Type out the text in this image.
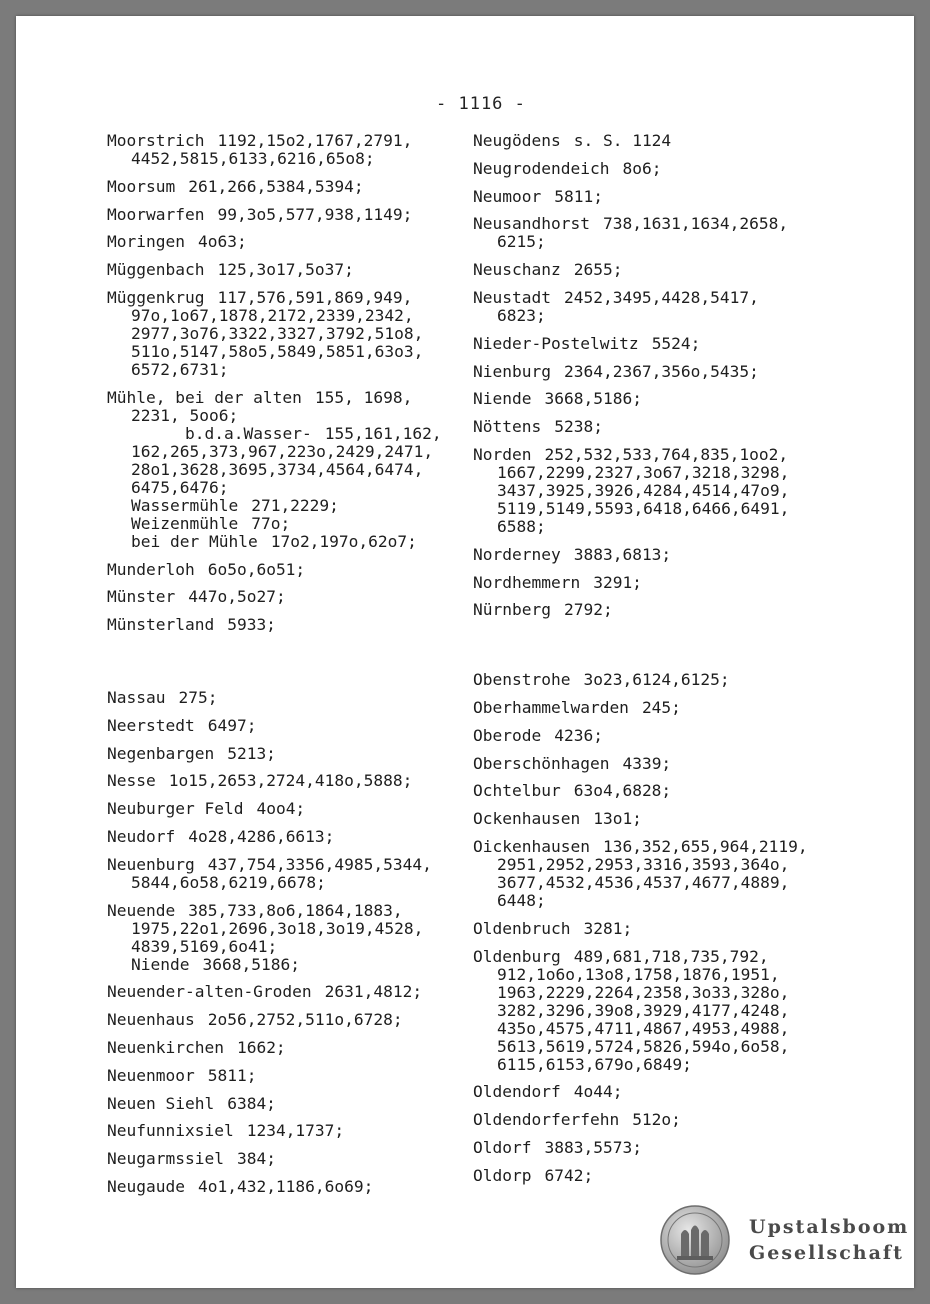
- 1116 -
Moorstrich 1192,15o2,1767,2791,
4452,5815,6133,6216,65o8;
Moorsum 261,266,5384,5394;
Moorwarfen 99,3o5,577,938,1149;
Moringen 4o63;
Müggenbach 125,3o17,5o37;
Müggenkrug 117,576,591,869,949,
97o,1o67,1878,2172,2339,2342,
2977,3o76,3322,3327,3792,51o8,
511o,5147,58o5,5849,5851,63o3,
6572,6731;
Mühle, bei der alten 155, 1698,
2231, 5oo6;
b.d.a.Wasser- 155,161,162,
162,265,373,967,223o,2429,2471,
28o1,3628,3695,3734,4564,6474,
6475,6476;
Wassermühle 271,2229;
Weizenmühle 77o;
bei der Mühle 17o2,197o,62o7;
Munderloh 6o5o,6o51;
Münster 447o,5o27;
Münsterland 5933;
Nassau 275;
Neerstedt 6497;
Negenbargen 5213;
Nesse 1o15,2653,2724,418o,5888;
Neuburger Feld 4oo4;
Neudorf 4o28,4286,6613;
Neuenburg 437,754,3356,4985,5344,
5844,6o58,6219,6678;
Neuende 385,733,8o6,1864,1883,
1975,22o1,2696,3o18,3o19,4528,
4839,5169,6o41;
Niende 3668,5186;
Neuender-alten-Groden 2631,4812;
Neuenhaus 2o56,2752,511o,6728;
Neuenkirchen 1662;
Neuenmoor 5811;
Neuen Siehl 6384;
Neufunnixsiel 1234,1737;
Neugarmssiel 384;
Neugaude 4o1,432,1186,6o69;
Neugödens s. S. 1124
Neugrodendeich 8o6;
Neumoor 5811;
Neusandhorst 738,1631,1634,2658,
6215;
Neuschanz 2655;
Neustadt 2452,3495,4428,5417,
6823;
Nieder-Postelwitz 5524;
Nienburg 2364,2367,356o,5435;
Niende 3668,5186;
Nöttens 5238;
Norden 252,532,533,764,835,1oo2,
1667,2299,2327,3o67,3218,3298,
3437,3925,3926,4284,4514,47o9,
5119,5149,5593,6418,6466,6491,
6588;
Norderney 3883,6813;
Nordhemmern 3291;
Nürnberg 2792;
Obenstrohe 3o23,6124,6125;
Oberhammelwarden 245;
Oberode 4236;
Oberschönhagen 4339;
Ochtelbur 63o4,6828;
Ockenhausen 13o1;
Oickenhausen 136,352,655,964,2119,
2951,2952,2953,3316,3593,364o,
3677,4532,4536,4537,4677,4889,
6448;
Oldenbruch 3281;
Oldenburg 489,681,718,735,792,
912,1o6o,13o8,1758,1876,1951,
1963,2229,2264,2358,3o33,328o,
3282,3296,39o8,3929,4177,4248,
435o,4575,4711,4867,4953,4988,
5613,5619,5724,5826,594o,6o58,
6115,6153,679o,6849;
Oldendorf 4o44;
Oldendorferfehn 512o;
Oldorf 3883,5573;
Oldorp 6742;
Upstalsboom
Gesellschaft
